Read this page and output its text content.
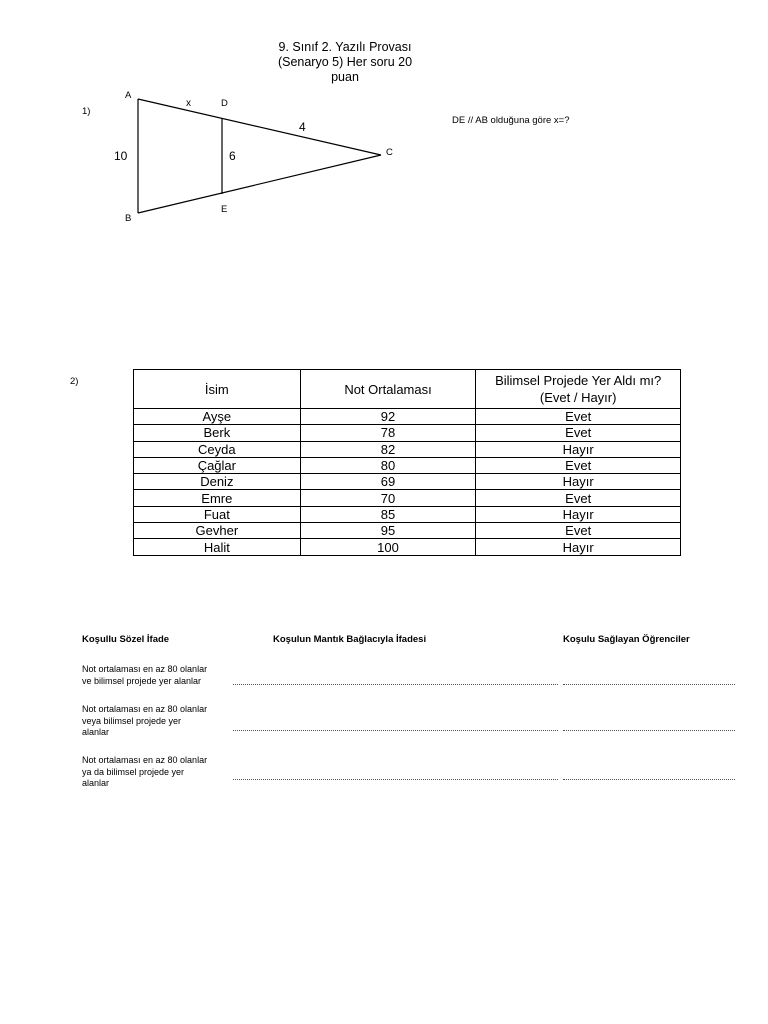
9. Sınıf 2. Yazılı Provası
(Senaryo 5) Her soru 20
puan
1)
DE // AB olduğuna göre x=?
A
B
C
D
E
x
10	6
4
2)	İsim	Not Ortalaması	Bilimsel Projede Yer Aldı mı?
(Evet / Hayır)

Ayşe	92	Evet
Berk	78	Evet
Ceyda	82	Hayır
Çağlar	80	Evet
Deniz	69	Hayır
Emre	70	Evet
Fuat	85	Hayır
Gevher	95	Evet
Halit	100	Hayır
Koşullu Sözel İfade	Koşulun Mantık Bağlacıyla İfadesi	Koşulu Sağlayan Öğrenciler
Not ortalaması en az 80 olanlar
ve bilimsel projede yer alanlar
Not ortalaması en az 80 olanlar
veya bilimsel projede yer
alanlar
Not ortalaması en az 80 olanlar
ya da bilimsel projede yer
alanlar
